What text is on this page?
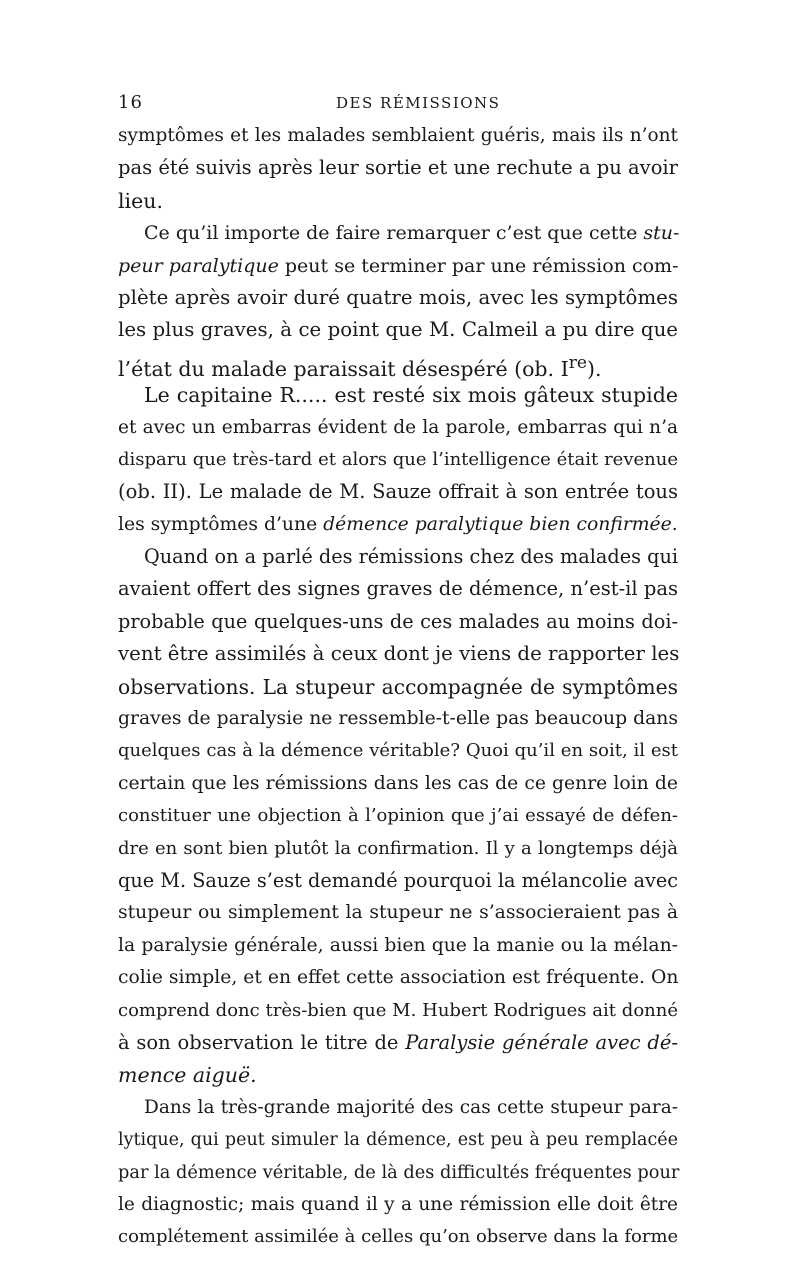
16	DES RÉMISSIONS
symptômes et les malades semblaient guéris, mais ils n’ont
pas été suivis après leur sortie et une rechute a pu avoir
lieu.
Ce qu’il importe de faire remarquer c’est que cette stu-
peur paralytique peut se terminer par une rémission com-
plète après avoir duré quatre mois, avec les symptômes
les plus graves, à ce point que M. Calmeil a pu dire que
l’état du malade paraissait désespéré (ob. Ire).
Le capitaine R..... est resté six mois gâteux stupide
et avec un embarras évident de la parole, embarras qui n’a
disparu que très-tard et alors que l’intelligence était revenue
(ob. II). Le malade de M. Sauze offrait à son entrée tous
les symptômes d’une démence paralytique bien confirmée.
Quand on a parlé des rémissions chez des malades qui
avaient offert des signes graves de démence, n’est-il pas
probable que quelques-uns de ces malades au moins doi-
vent être assimilés à ceux dont je viens de rapporter les
observations. La stupeur accompagnée de symptômes
graves de paralysie ne ressemble-t-elle pas beaucoup dans
quelques cas à la démence véritable? Quoi qu’il en soit, il est
certain que les rémissions dans les cas de ce genre loin de
constituer une objection à l’opinion que j’ai essayé de défen-
dre en sont bien plutôt la confirmation. Il y a longtemps déjà
que M. Sauze s’est demandé pourquoi la mélancolie avec
stupeur ou simplement la stupeur ne s’associeraient pas à
la paralysie générale, aussi bien que la manie ou la mélan-
colie simple, et en effet cette association est fréquente. On
comprend donc très-bien que M. Hubert Rodrigues ait donné
à son observation le titre de Paralysie générale avec dé-
mence aiguë.
Dans la très-grande majorité des cas cette stupeur para-
lytique, qui peut simuler la démence, est peu à peu remplacée
par la démence véritable, de là des difficultés fréquentes pour
le diagnostic; mais quand il y a une rémission elle doit être
complétement assimilée à celles qu’on observe dans la forme
